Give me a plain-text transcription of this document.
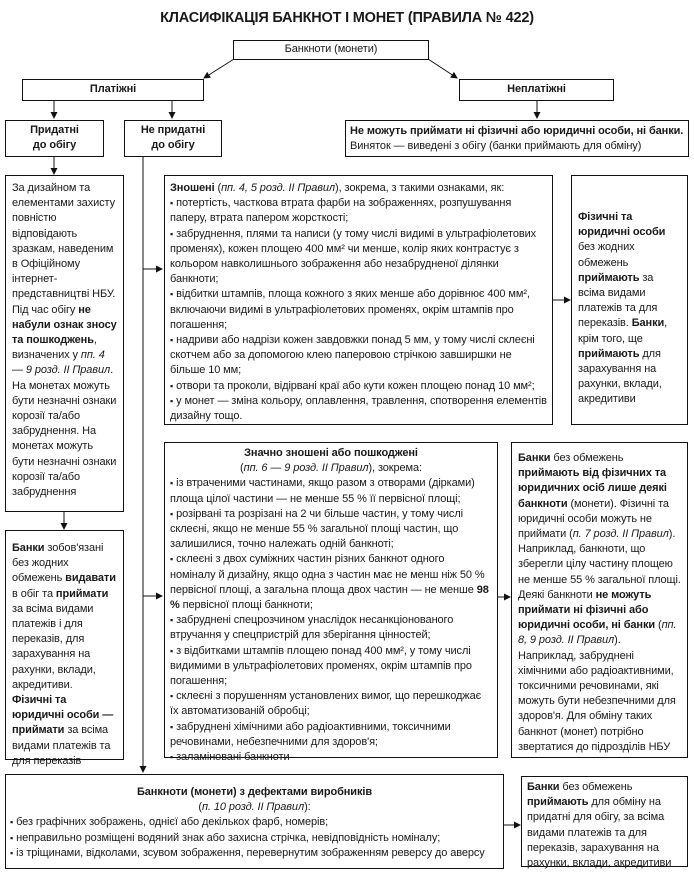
КЛАСИФІКАЦІЯ БАНКНОТ І МОНЕТ (ПРАВИЛА № 422)
Банкноти (монети)
Платіжні	Неплатіжні

Не можуть приймати ні фізичні або юридичні особи, ні банки.

Виняток — виведені з обігу (банки приймають для обміну)

Придатні

до обігу

Не придатні

до обігу

За дизайном та елементами захисту повністю відповідають зразкам, наведеним в Офіційному інтернет-представництві НБУ. Під час обігу не набули ознак зносу та пошкоджень, визначених у пп. 4 — 9 розд. II Правил. На монетах можуть бути незначні ознаки корозії та/або забруднення. На монетах можуть бути незначні ознаки корозії та/або забруднення
Банки зобов'язані без жодних обмежень видавати в обіг та приймати за всіма видами платежів і для переказів, для зарахування на рахунки, вклади, акредитиви.
Фізичні та юридичні особи — приймати за всіма видами платежів та для переказів

Зношені (пп. 4, 5 розд. II Правил), зокрема, з такими ознаками, як:

▪ потертість, часткова втрата фарби на зображеннях, розпушування паперу, втрата папером жорсткості;

▪ забруднення, плями та написи (у тому числі видимі в ультрафіолетових променях), кожен площею 400 мм² чи менше, колір яких контрастує з кольором навколишнього зображення або незабрудненої ділянки банкноти;

▪ відбитки штампів, площа кожного з яких менше або дорівнює 400 мм², включаючи видимі в ультрафіолетових променях, окрім штампів про погашення;

▪ надриви або надрізи кожен завдовжки понад 5 мм, у тому числі склеєні скотчем або за допомогою клею паперовою стрічкою завширшки не більше 10 мм;

▪ отвори та проколи, відірвані краї або кути кожен площею понад 10 мм²;

▪ у монет — зміна кольору, оплавлення, травлення, спотворення елементів дизайну тощо.

Фізичні та юридичні особи без жодних обмежень приймають за всіма видами платежів та для переказів. Банки, крім того, ще приймають для зарахування на рахунки, вклади, акредитиви

Значно зношені або пошкоджені

(пп. 6 — 9 розд. II Правил), зокрема:

▪ із втраченими частинами, якщо разом з отворами (дірками) площа цілої частини — не менше 55 % її первісної площі;

▪ розірвані та розрізані на 2 чи більше частин, у тому числі склеєні, якщо не менше 55 % загальної площі частин, що залишилися, точно належать одній банкноті;

▪ склеєні з двох суміжних частин різних банкнот одного номіналу й дизайну, якщо одна з частин має не менш ніж 50 % первісної площі, а загальна площа двох частин — не менше 98 % первісної площі банкноти;

▪ забруднені спецрозчином унаслідок несанкціонованого втручання у спецпристрій для зберігання цінностей;

▪ з відбитками штампів площею понад 400 мм², у тому числі видимими в ультрафіолетових променях, окрім штампів про погашення;

▪ склеєні з порушенням установлених вимог, що перешкоджає їх автоматизованій обробці;

▪ забруднені хімічними або радіоактивними, токсичними речовинами, небезпечними для здоров'я;

▪ заламіновані банкноти

Банки без обмежень приймають від фізичних та юридичних осіб лише деякі банкноти (монети). Фізичні та юридичні особи можуть не приймати (п. 7 розд. II Правил). Наприклад, банкноти, що зберегли цілу частину площею не менше 55 % загальної площі. Деякі банкноти не можуть приймати ні фізичні або юридичні особи, ні банки (пп. 8, 9 розд. II Правил). Наприклад, забруднені хімічними або радіоактивними, токсичними речовинами, які можуть бути небезпечними для здоров'я. Для обміну таких банкнот (монет) потрібно звертатися до підрозділів НБУ

Банкноти (монети) з дефектами виробників

(п. 10 розд. II Правил):

▪ без графічних зображень, однієї або декількох фарб, номерів;

▪ неправильно розміщені водяний знак або захисна стрічка, невідповідність номіналу;

▪ із тріщинами, відколами, зсувом зображення, перевернутим зображенням реверсу до аверсу

Банки без обмежень приймають для обміну на придатні для обігу, за всіма видами платежів та для переказів, зарахування на рахунки, вклади, акредитиви
